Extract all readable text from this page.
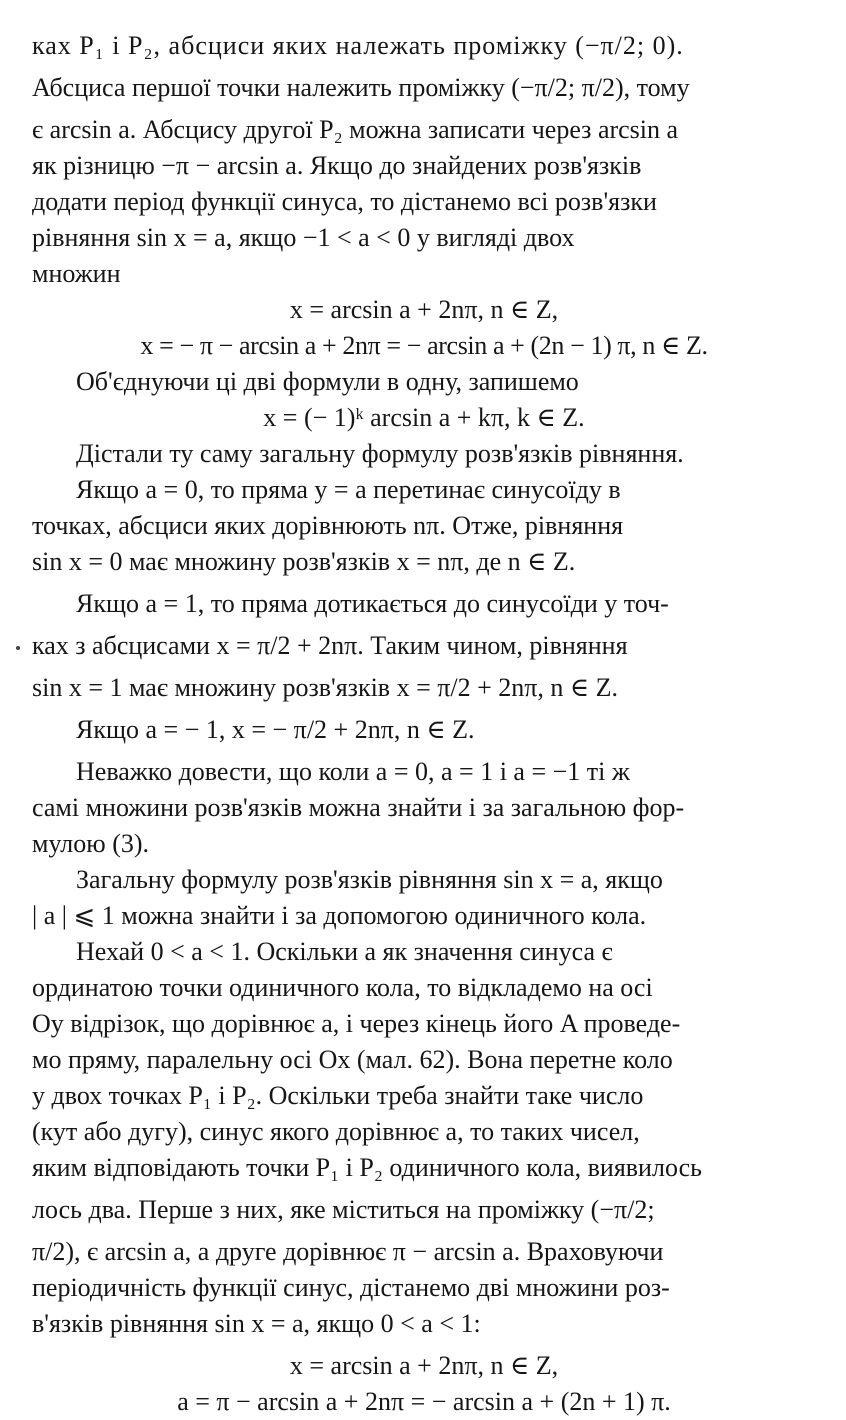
ках P₁ і P₂, абсциси яких належать проміжку (−π/2; 0).

Абсциса першої точки належить проміжку (−π/2; π/2), тому

є arcsin a. Абсцису другої P₂ можна записати через arcsin a

як різницю −π − arcsin a. Якщо до знайдених розв'язків

додати період функції синуса, то дістанемо всі розв'язки

рівняння sin x = a, якщо −1 < a < 0 у вигляді двох

множин

x = arcsin a + 2nπ, n ∈ Z,

x = − π − arcsin a + 2nπ = − arcsin a + (2n − 1) π, n ∈ Z.

Об'єднуючи ці дві формули в одну, запишемо

x = (− 1)ᵏ arcsin a + kπ, k ∈ Z.

Дістали ту саму загальну формулу розв'язків рівняння.

Якщо a = 0, то пряма y = a перетинає синусоїду в

точках, абсциси яких дорівнюють nπ. Отже, рівняння

sin x = 0 має множину розв'язків x = nπ, де n ∈ Z.

Якщо a = 1, то пряма дотикається до синусоїди у точ-

ках з абсцисами x = π/2 + 2nπ. Таким чином, рівняння

sin x = 1 має множину розв'язків x = π/2 + 2nπ, n ∈ Z.

Якщо a = − 1, x = − π/2 + 2nπ, n ∈ Z.

Неважко довести, що коли a = 0, a = 1 і a = −1 ті ж

самі множини розв'язків можна знайти і за загальною фор-

мулою (3).

Загальну формулу розв'язків рівняння sin x = a, якщо

| a | ⩽ 1 можна знайти і за допомогою одиничного кола.

Нехай 0 < a < 1. Оскільки a як значення синуса є

ординатою точки одиничного кола, то відкладемо на осі

Oy відрізок, що дорівнює a, і через кінець його A проведе-

мо пряму, паралельну осі Ox (мал. 62). Вона перетне коло

у двох точках P₁ і P₂. Оскільки треба знайти таке число

(кут або дугу), синус якого дорівнює a, то таких чисел,

яким відповідають точки P₁ і P₂ одиничного кола, виявилось

лось два. Перше з них, яке міститься на проміжку (−π/2;

π/2), є arcsin a, а друге дорівнює π − arcsin a. Враховуючи

періодичність функції синус, дістанемо дві множини роз-

в'язків рівняння sin x = a, якщо 0 < a < 1:

x = arcsin a + 2nπ, n ∈ Z,

a = π − arcsin a + 2nπ = − arcsin a + (2n + 1) π.
